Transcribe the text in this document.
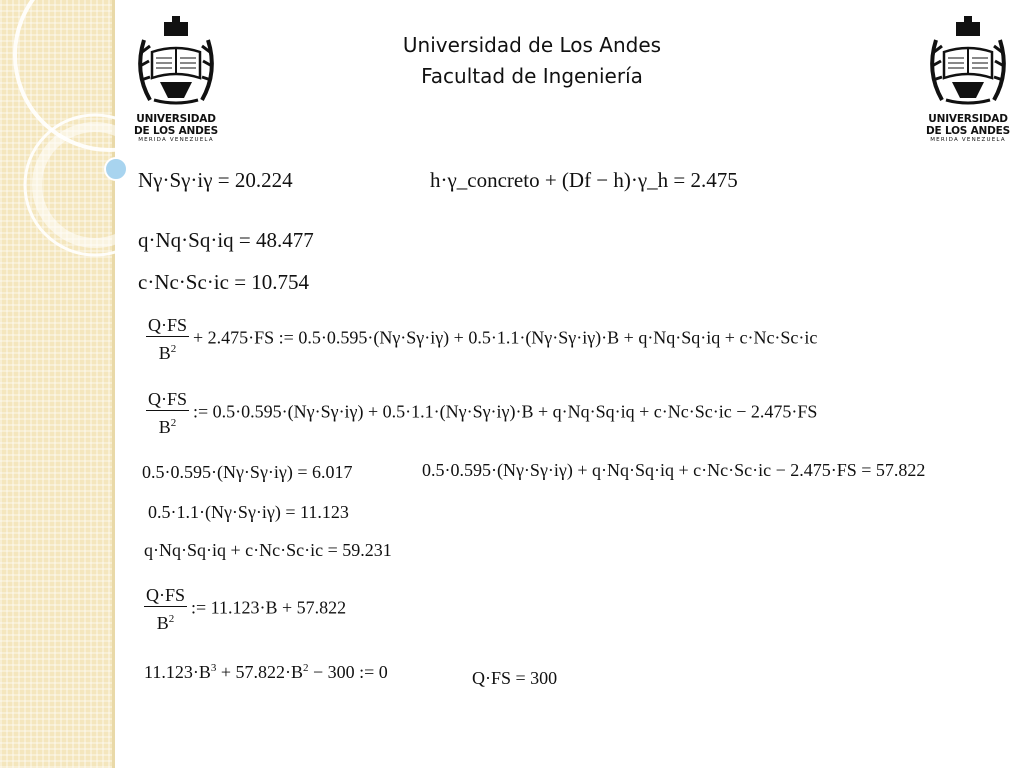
UNIVERSIDAD
DE LOS ANDES
MERIDA VENEZUELA
UNIVERSIDAD
DE LOS ANDES
MERIDA VENEZUELA
Universidad de Los Andes
Facultad de Ingeniería
Nγ·Sγ·iγ = 20.224	h·γ_concreto + (Df − h)·γ_h = 2.475
q·Nq·Sq·iq = 48.477
c·Nc·Sc·ic = 10.754
$\frac{Q\cdot FS}{B^2} + 2.475\cdot FS$ := 0.5·0.595·(Nγ·Sγ·iγ) + 0.5·1.1·(Nγ·Sγ·iγ)·B + q·Nq·Sq·iq + c·Nc·Sc·ic
$\frac{Q\cdot FS}{B^2}$ := 0.5·0.595·(Nγ·Sγ·iγ) + 0.5·1.1·(Nγ·Sγ·iγ)·B + q·Nq·Sq·iq + c·Nc·Sc·ic − 2.475·FS
0.5·0.595·(Nγ·Sγ·iγ) = 6.017	0.5·0.595·(Nγ·Sγ·iγ) + q·Nq·Sq·iq + c·Nc·Sc·ic − 2.475·FS = 57.822
0.5·1.1·(Nγ·Sγ·iγ) = 11.123
q·Nq·Sq·iq + c·Nc·Sc·ic = 59.231
$\frac{Q\cdot FS}{B^2}$ := 11.123·B + 57.822
$11.123\cdot B^3 + 57.822\cdot B^2 - 300$ := 0	Q·FS = 300
